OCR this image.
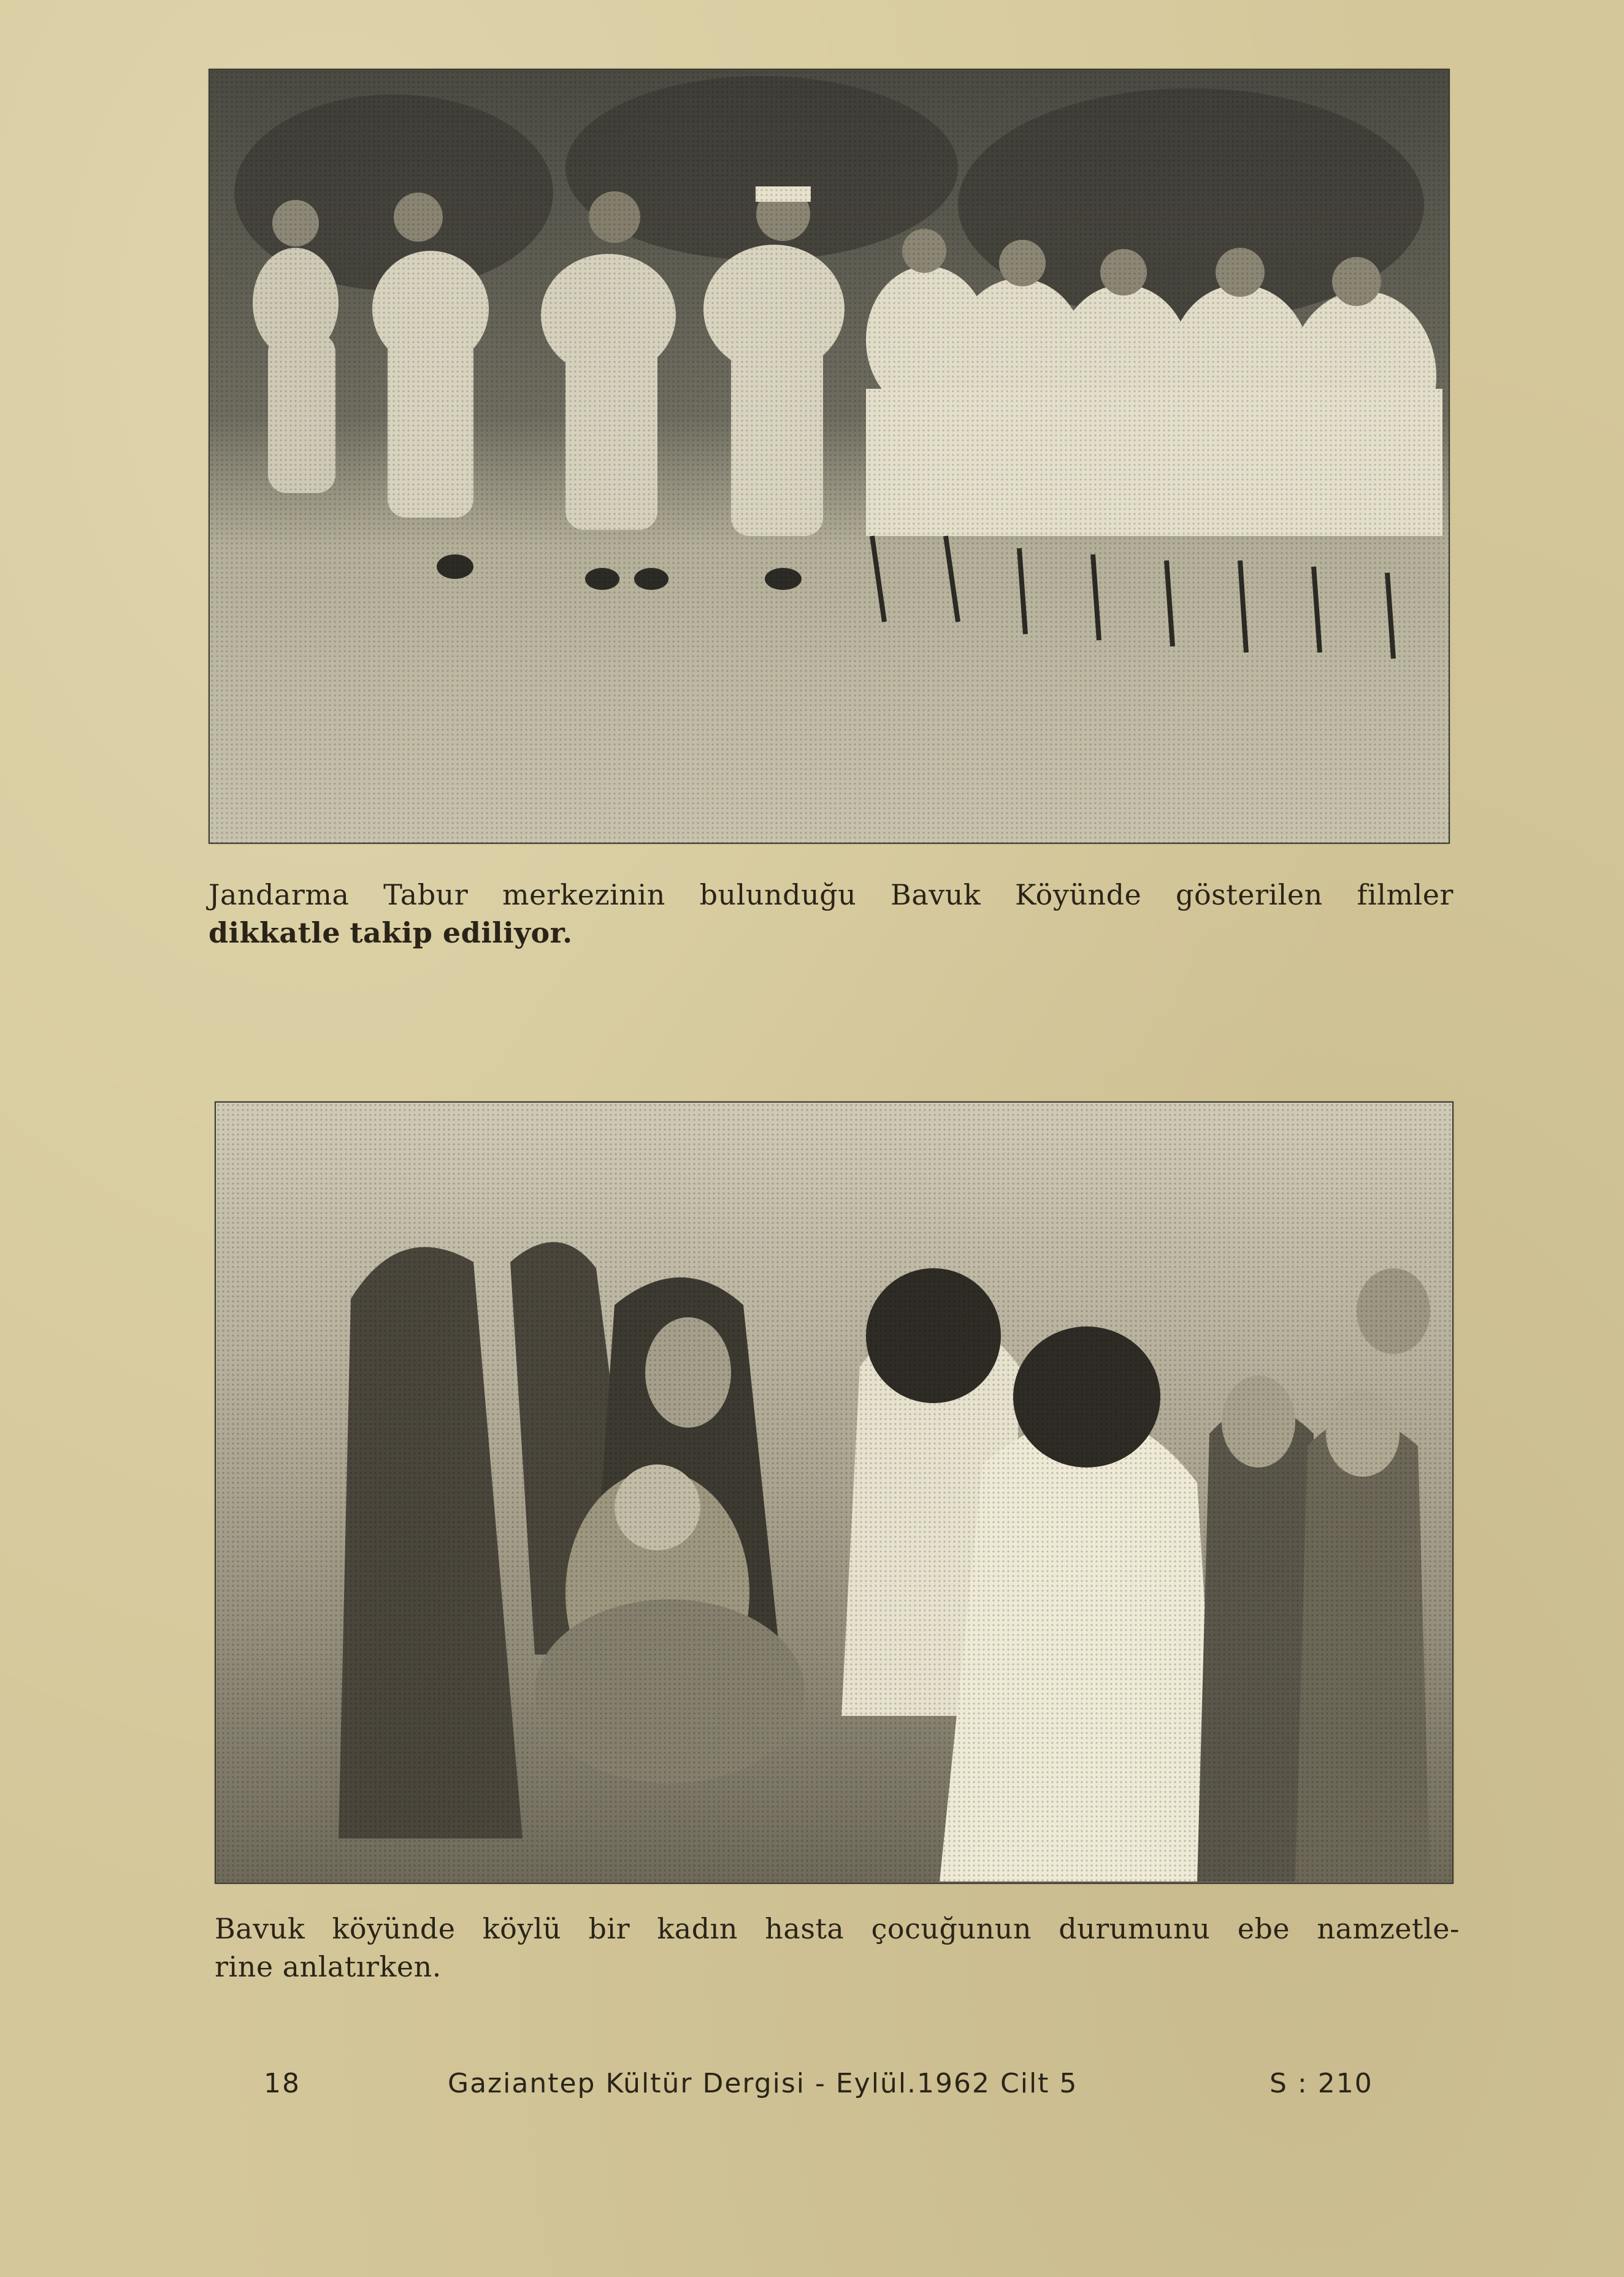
Jandarma Tabur merkezinin bulunduğu Bavuk Köyünde gösterilen filmler
dikkatle takip ediliyor.
Bavuk köyünde köylü bir kadın hasta çocuğunun durumunu ebe namzetle-
rine anlatırken.
18	Gaziantep Kültür Dergisi - Eylül.1962 Cilt 5	S : 210
